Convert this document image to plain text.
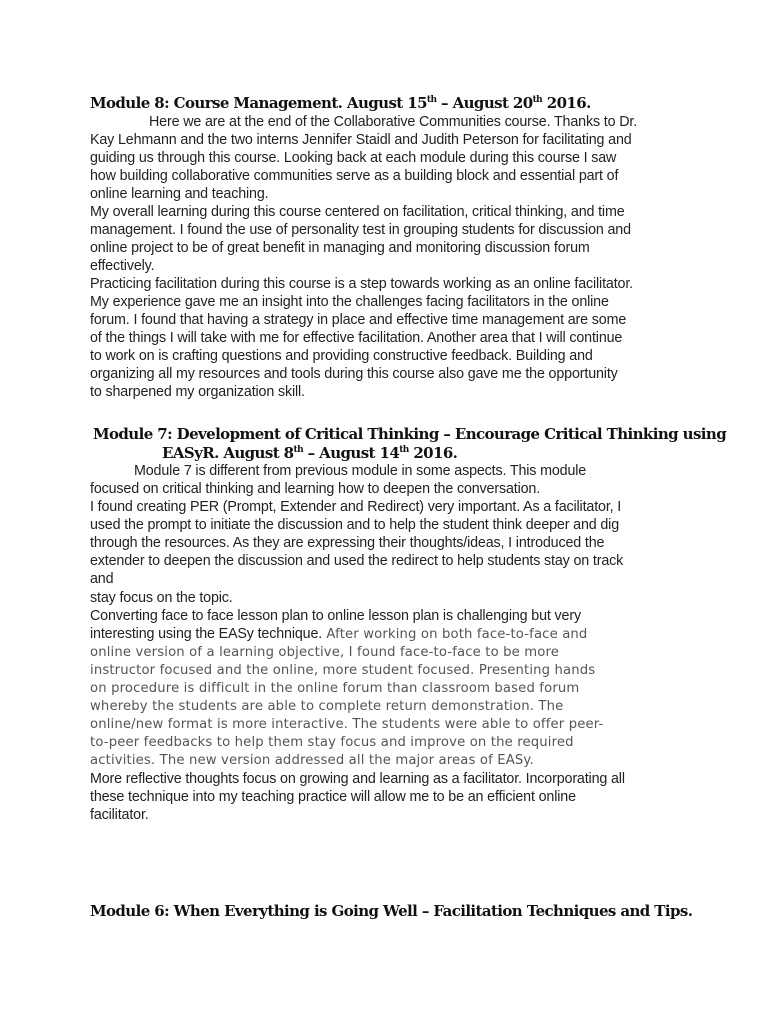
Module 8: Course Management. August 15th – August 20th 2016.
Here we are at the end of the Collaborative Communities course. Thanks to Dr.
Kay Lehmann and the two interns Jennifer Staidl and Judith Peterson for facilitating and
guiding us through this course. Looking back at each module during this course I saw
how building collaborative communities serve as a building block and essential part of
online learning and teaching.
My overall learning during this course centered on facilitation, critical thinking, and time
management. I found the use of personality test in grouping students for discussion and
online project to be of great benefit in managing and monitoring discussion forum
effectively.
Practicing facilitation during this course is a step towards working as an online facilitator.
My experience gave me an insight into the challenges facing facilitators in the online
forum. I found that having a strategy in place and effective time management are some
of the things I will take with me for effective facilitation. Another area that I will continue
to work on is crafting questions and providing constructive feedback. Building and
organizing all my resources and tools during this course also gave me the opportunity
to sharpened my organization skill.
Module 7: Development of Critical Thinking – Encourage Critical Thinking using
EASyR. August 8th – August 14th 2016.
Module 7 is different from previous module in some aspects. This module
focused on critical thinking and learning how to deepen the conversation.
I found creating PER (Prompt, Extender and Redirect) very important. As a facilitator, I
used the prompt to initiate the discussion and to help the student think deeper and dig
through the resources. As they are expressing their thoughts/ideas, I introduced the
extender to deepen the discussion and used the redirect to help students stay on track
and
stay focus on the topic.
Converting face to face lesson plan to online lesson plan is challenging but very
interesting using the EASy technique. After working on both face-to-face and
online version of a learning objective, I found face-to-face to be more
instructor focused and the online, more student focused. Presenting hands
on procedure is difficult in the online forum than classroom based forum
whereby the students are able to complete return demonstration. The
online/new format is more interactive. The students were able to offer peer-
to-peer feedbacks to help them stay focus and improve on the required
activities. The new version addressed all the major areas of EASy.
More reflective thoughts focus on growing and learning as a facilitator. Incorporating all
these technique into my teaching practice will allow me to be an efficient online
facilitator.
Module 6: When Everything is Going Well – Facilitation Techniques and Tips.
